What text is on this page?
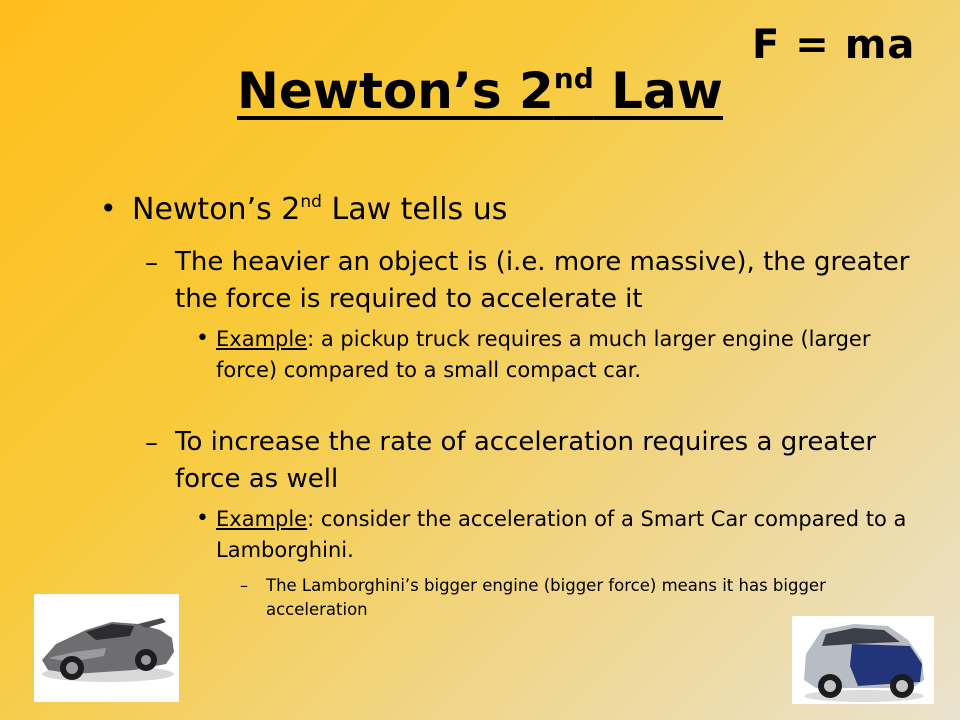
F = ma
Newton’s 2nd Law
• Newton’s 2nd Law tells us
– The heavier an object is (i.e. more massive), the greater the force is required to accelerate it
• Example: a pickup truck requires a much larger engine (larger force) compared to a small compact car.
– To increase the rate of acceleration requires a greater force as well
• Example: consider the acceleration of a Smart Car compared to a Lamborghini.
– The Lamborghini’s bigger engine (bigger force) means it has bigger acceleration
